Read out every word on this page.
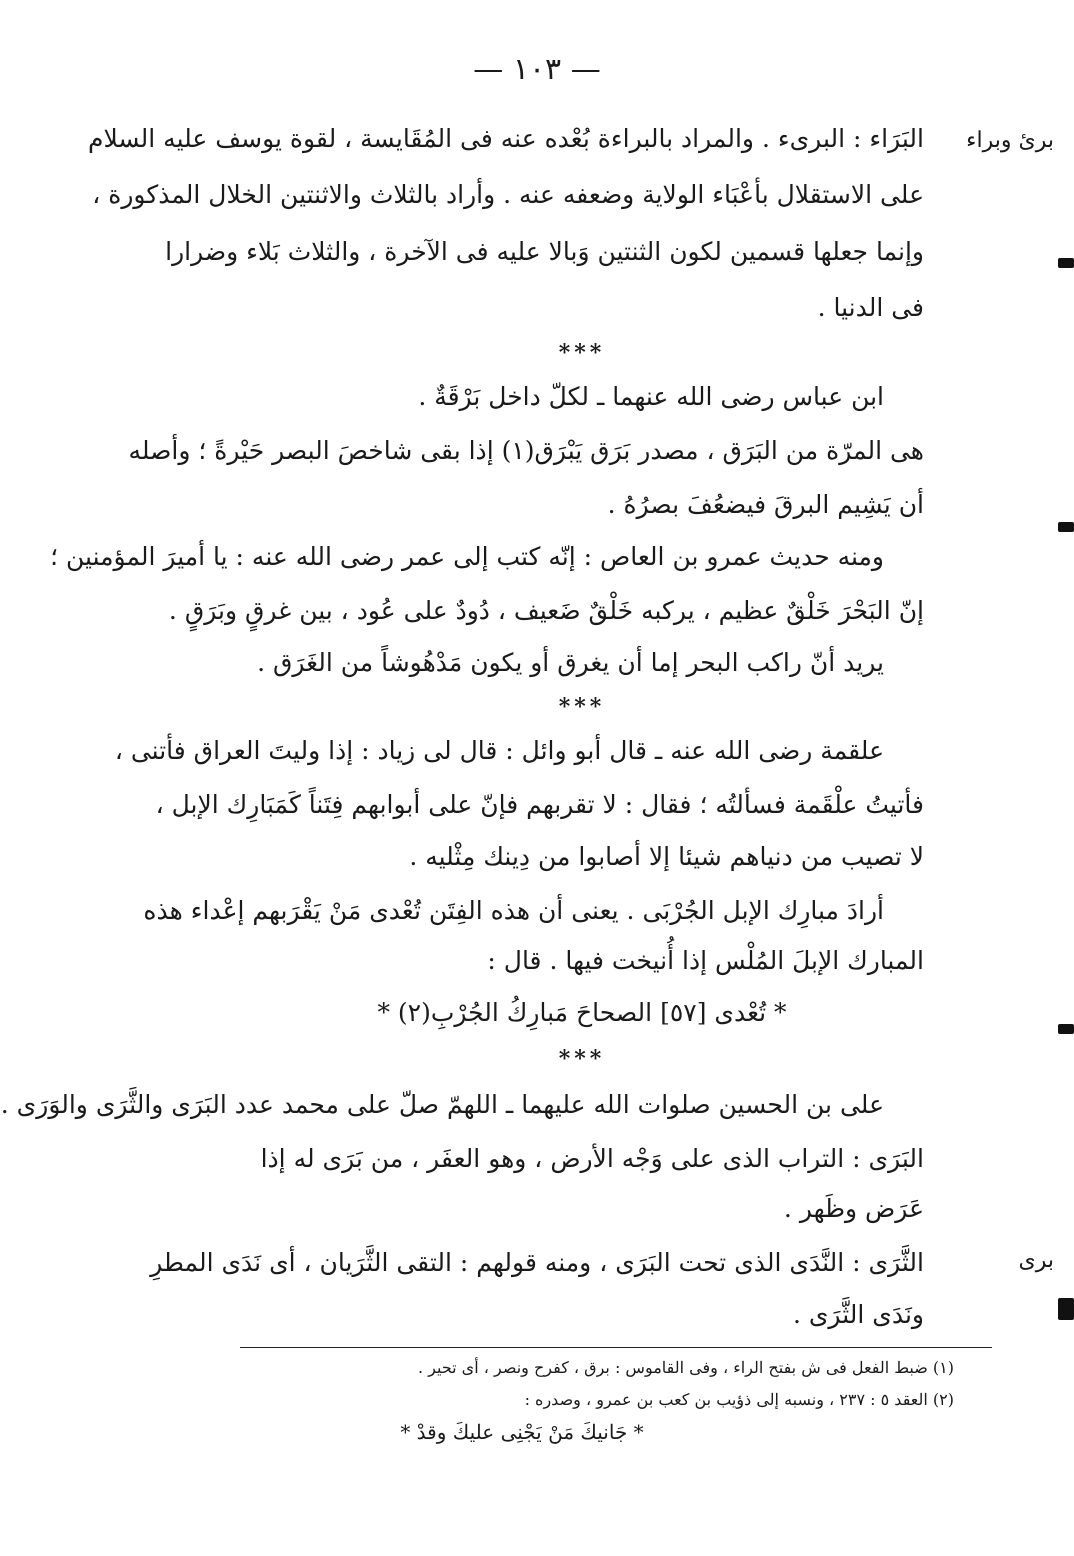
— ١٠٣ —
برئ وبراء
برى
البَرَاء : البرىء . والمراد بالبراءة بُعْده عنه فى المُقَايسة ، لقوة يوسف عليه السلام
على الاستقلال بأعْبَاء الولاية وضعفه عنه . وأراد بالثلاث والاثنتين الخلال المذكورة ،
وإنما جعلها قسمين لكون الثنتين وَبالا عليه فى الآخرة ، والثلاث بَلاء وضرارا
فى الدنيا .
***
ابن عباس رضى الله عنهما ـ لكلّ داخل بَرْقَةٌ .
هى المرّة من البَرَق ، مصدر بَرَق يَبْرَق(١) إذا بقى شاخصَ البصر حَيْرةً ؛ وأصله
أن يَشِيم البرقَ فيضعُفَ بصرُهُ .
ومنه حديث عمرو بن العاص : إنّه كتب إلى عمر رضى الله عنه : يا أميرَ المؤمنين ؛
إنّ البَحْرَ خَلْقٌ عظيم ، يركبه خَلْقٌ ضَعيف ، دُودٌ على عُود ، بين غرقٍ وبَرَقٍ .
يريد أنّ راكب البحر إما أن يغرق أو يكون مَدْهُوشاً من الغَرَق .
***
علقمة رضى الله عنه ـ قال أبو وائل : قال لى زياد : إذا وليتَ العراق فأتنى ،
فأتيتُ علْقَمة فسألتُه ؛ فقال : لا تقربهم فإنّ على أبوابهم فِتَناً كَمَبَارِك الإبل ،
لا تصيب من دنياهم شيئا إلا أصابوا من دِينك مِثْليه .
أرادَ مبارِك الإبل الجُرْبَى . يعنى أن هذه الفِتَن تُعْدى مَنْ يَقْرَبهم إعْداء هذه
المبارك الإبلَ المُلْس إذا أُنيخت فيها . قال :
* تُعْدى [٥٧] الصحاحَ مَبارِكُ الجُرْبِ(٢) *
***
على بن الحسين صلوات الله عليهما ـ اللهمّ صلّ على محمد عدد البَرَى والثَّرَى والوَرَى .
البَرَى : التراب الذى على وَجْه الأرض ، وهو العفَر ، من بَرَى له إذا
عَرَض وظَهر .
الثَّرَى : النَّدَى الذى تحت البَرَى ، ومنه قولهم : التقى الثَّرَيان ، أى نَدَى المطرِ
ونَدَى الثَّرَى .
(١) ضبط الفعل فى ش بفتح الراء ، وفى القاموس : برق ، كفرح ونصر ، أى تحير .
(٢) العقد ٥ : ٢٣٧ ، ونسبه إلى ذؤيب بن كعب بن عمرو ، وصدره :
* جَانيكَ مَنْ يَجْنِى عليكَ وقدْ *
